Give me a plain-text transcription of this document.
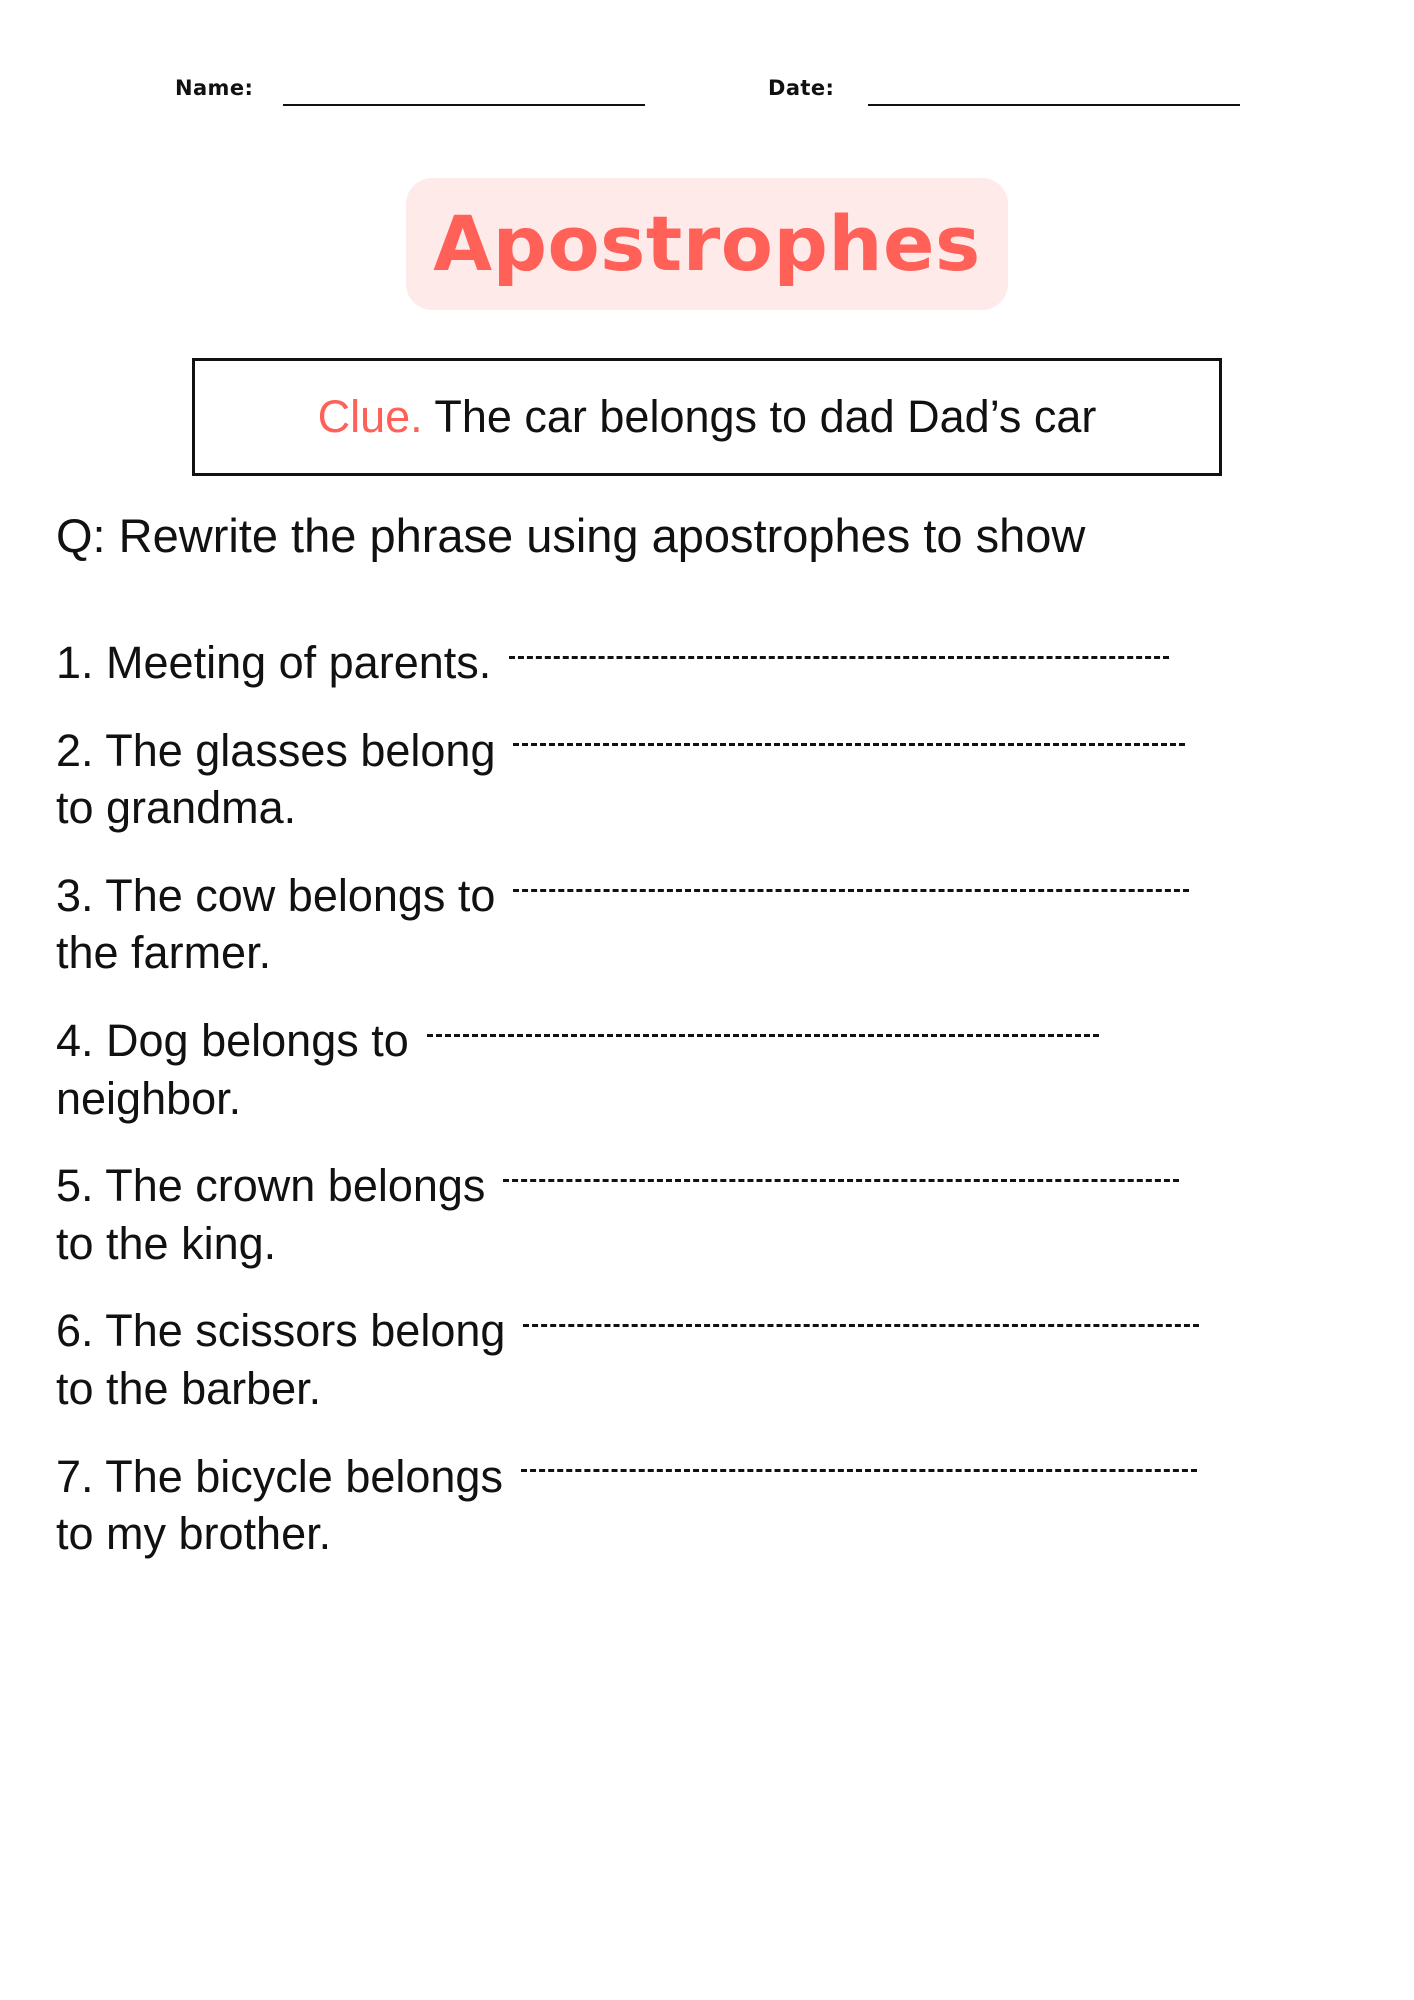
Name:	Date:
Apostrophes
Clue. The car belongs to dad Dad’s car
Q: Rewrite the phrase using apostrophes to show
1. Meeting of parents.
2. The glasses belong
to grandma.
3. The cow belongs to
the farmer.
4. Dog belongs to
neighbor.
5. The crown belongs
to the king.
6. The scissors belong
to the barber.
7. The bicycle belongs
to my brother.
